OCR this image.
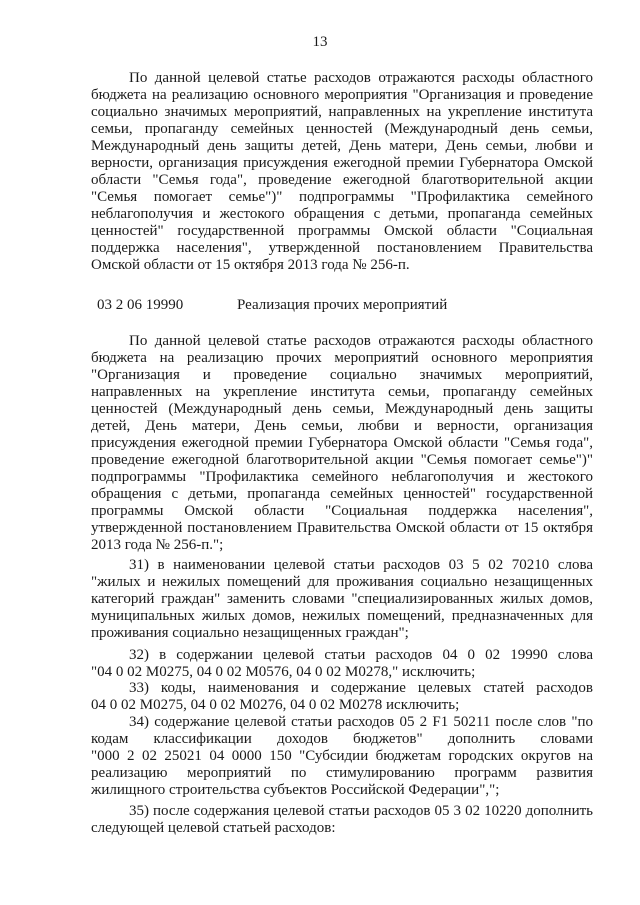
13
По данной целевой статье расходов отражаются расходы областного
бюджета на реализацию основного мероприятия "Организация и проведение
социально значимых мероприятий, направленных на укрепление института
семьи, пропаганду семейных ценностей (Международный день семьи,
Международный день защиты детей, День матери, День семьи, любви и
верности, организация присуждения ежегодной премии Губернатора Омской
области "Семья года", проведение ежегодной благотворительной акции
"Семья помогает семье")" подпрограммы "Профилактика семейного
неблагополучия и жестокого обращения с детьми, пропаганда семейных
ценностей" государственной программы Омской области "Социальная
поддержка населения", утвержденной постановлением Правительства
Омской области от 15 октября 2013 года № 256-п.
03 2 06 19990	Реализация прочих мероприятий
По данной целевой статье расходов отражаются расходы областного
бюджета на реализацию прочих мероприятий основного мероприятия
"Организация и проведение социально значимых мероприятий,
направленных на укрепление института семьи, пропаганду семейных
ценностей (Международный день семьи, Международный день защиты
детей, День матери, День семьи, любви и верности, организация
присуждения ежегодной премии Губернатора Омской области "Семья года",
проведение ежегодной благотворительной акции "Семья помогает семье")"
подпрограммы "Профилактика семейного неблагополучия и жестокого
обращения с детьми, пропаганда семейных ценностей" государственной
программы Омской области "Социальная поддержка населения",
утвержденной постановлением Правительства Омской области от 15 октября
2013 года № 256-п.";
31) в наименовании целевой статьи расходов 03 5 02 70210 слова
"жилых и нежилых помещений для проживания социально незащищенных
категорий граждан" заменить словами "специализированных жилых домов,
муниципальных жилых домов, нежилых помещений, предназначенных для
проживания социально незащищенных граждан";
32) в содержании целевой статьи расходов 04 0 02 19990 слова
"04 0 02 M0275, 04 0 02 M0576, 04 0 02 M0278," исключить;
33) коды, наименования и содержание целевых статей расходов
04 0 02 M0275, 04 0 02 M0276, 04 0 02 M0278 исключить;
34) содержание целевой статьи расходов 05 2 F1 50211 после слов "по
кодам классификации доходов бюджетов" дополнить словами
"000 2 02 25021 04 0000 150 "Субсидии бюджетам городских округов на
реализацию мероприятий по стимулированию программ развития
жилищного строительства субъектов Российской Федерации",";
35) после содержания целевой статьи расходов 05 3 02 10220 дополнить
следующей целевой статьей расходов:
